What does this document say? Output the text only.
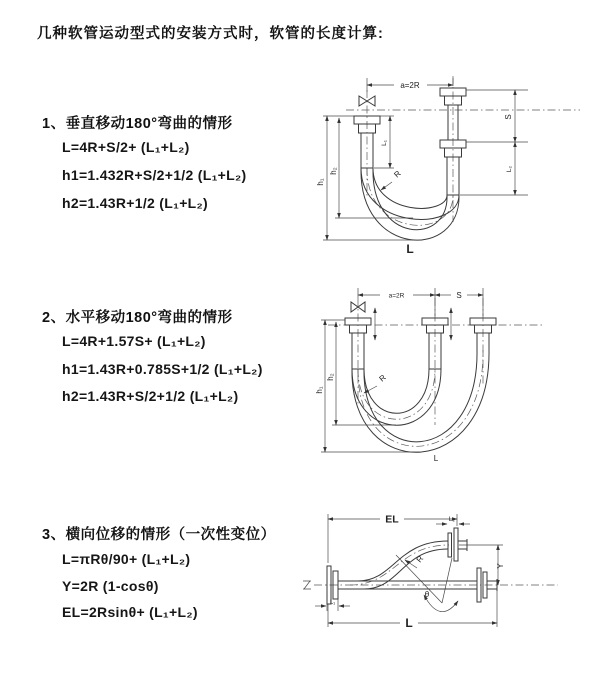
几种软管运动型式的安装方式时，软管的长度计算:
1、垂直移动180°弯曲的情形
L=4R+S/2+ (L₁+L₂)
h1=1.432R+S/2+1/2 (L₁+L₂)
h2=1.43R+1/2 (L₁+L₂)
2、水平移动180°弯曲的情形
L=4R+1.57S+ (L₁+L₂)
h1=1.43R+0.785S+1/2 (L₁+L₂)
h2=1.43R+S/2+1/2 (L₁+L₂)
3、横向位移的情形（一次性变位）
L=πRθ/90+ (L₁+L₂)
Y=2R (1-cosθ)
EL=2Rsinθ+ (L₁+L₂)
a=2R
h₁
h₂
L₁
S
L₂
R
L
a=2R	S
h₁
h₂	R
L
EL	L₂
Y
L₁
L
θ
R
